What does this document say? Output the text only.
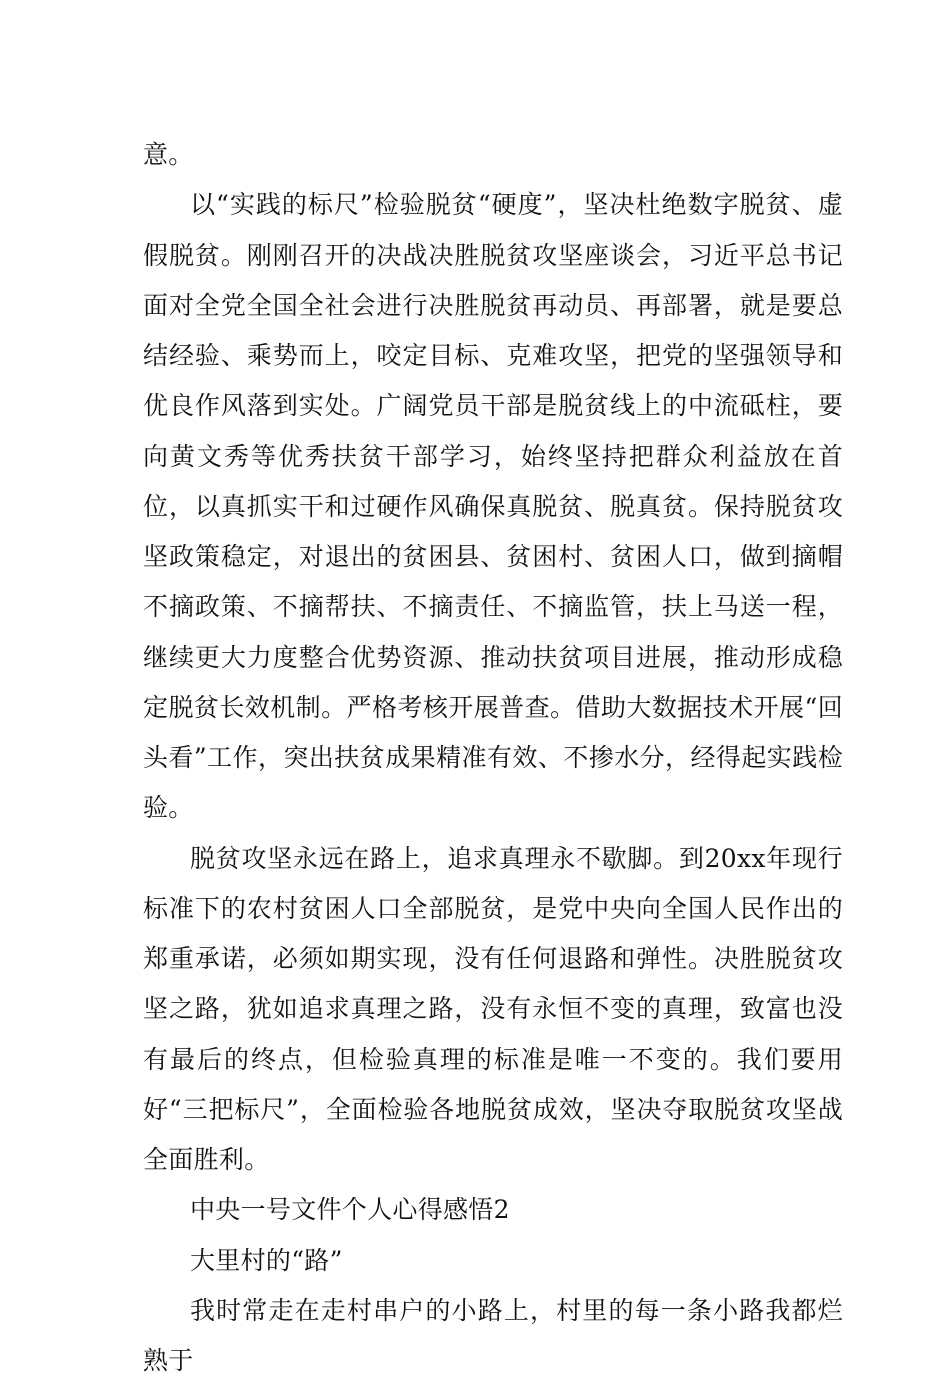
意。

以“实践的标尺”检验脱贫“硬度”，坚决杜绝数字脱贫、虚假脱贫。刚刚召开的决战决胜脱贫攻坚座谈会，习近平总书记面对全党全国全社会进行决胜脱贫再动员、再部署，就是要总结经验、乘势而上，咬定目标、克难攻坚，把党的坚强领导和优良作风落到实处。广阔党员干部是脱贫线上的中流砥柱，要向黄文秀等优秀扶贫干部学习，始终坚持把群众利益放在首位，以真抓实干和过硬作风确保真脱贫、脱真贫。保持脱贫攻坚政策稳定，对退出的贫困县、贫困村、贫困人口，做到摘帽不摘政策、不摘帮扶、不摘责任、不摘监管，扶上马送一程，继续更大力度整合优势资源、推动扶贫项目进展，推动形成稳定脱贫长效机制。严格考核开展普查。借助大数据技术开展“回头看”工作，突出扶贫成果精准有效、不掺水分，经得起实践检验。

脱贫攻坚永远在路上，追求真理永不歇脚。到20xx年现行标准下的农村贫困人口全部脱贫，是党中央向全国人民作出的郑重承诺，必须如期实现，没有任何退路和弹性。决胜脱贫攻坚之路，犹如追求真理之路，没有永恒不变的真理，致富也没有最后的终点，但检验真理的标准是唯一不变的。我们要用好“三把标尺”，全面检验各地脱贫成效，坚决夺取脱贫攻坚战全面胜利。

中央一号文件个人心得感悟2

大里村的“路”

我时常走在走村串户的小路上，村里的每一条小路我都烂熟于
